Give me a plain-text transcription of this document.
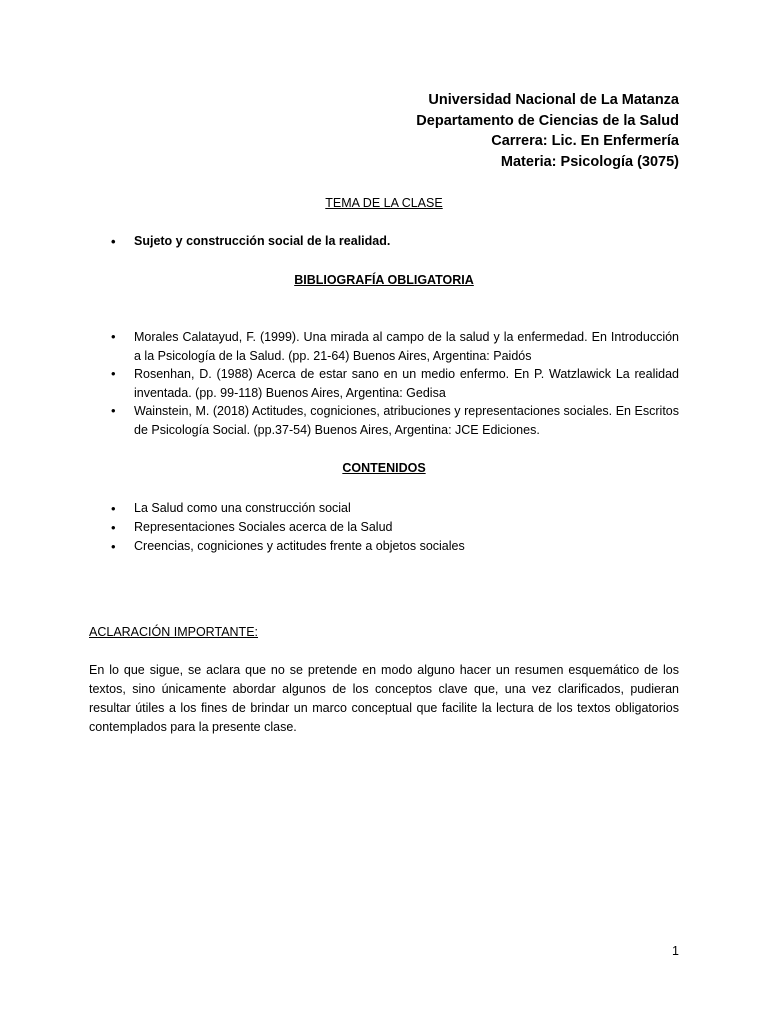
Universidad Nacional de La Matanza
Departamento de Ciencias de la Salud
Carrera: Lic. En Enfermería
Materia: Psicología (3075)
TEMA DE LA CLASE
• Sujeto y construcción social de la realidad.
BIBLIOGRAFÍA OBLIGATORIA
• Morales Calatayud, F. (1999). Una mirada al campo de la salud y la enfermedad. En Introducción a la Psicología de la Salud. (pp. 21-64) Buenos Aires, Argentina: Paidós
• Rosenhan, D. (1988) Acerca de estar sano en un medio enfermo. En P. Watzlawick La realidad inventada. (pp. 99-118) Buenos Aires, Argentina: Gedisa
• Wainstein, M. (2018) Actitudes, cogniciones, atribuciones y representaciones sociales. En Escritos de Psicología Social. (pp.37-54) Buenos Aires, Argentina: JCE Ediciones.
CONTENIDOS
• La Salud como una construcción social
• Representaciones Sociales acerca de la Salud
• Creencias, cogniciones y actitudes frente a objetos sociales
ACLARACIÓN IMPORTANTE:

En lo que sigue, se aclara que no se pretende en modo alguno hacer un resumen esquemático de los textos, sino únicamente abordar algunos de los conceptos clave que, una vez clarificados, pudieran resultar útiles a los fines de brindar un marco conceptual que facilite la lectura de los textos obligatorios contemplados para la presente clase.

1
